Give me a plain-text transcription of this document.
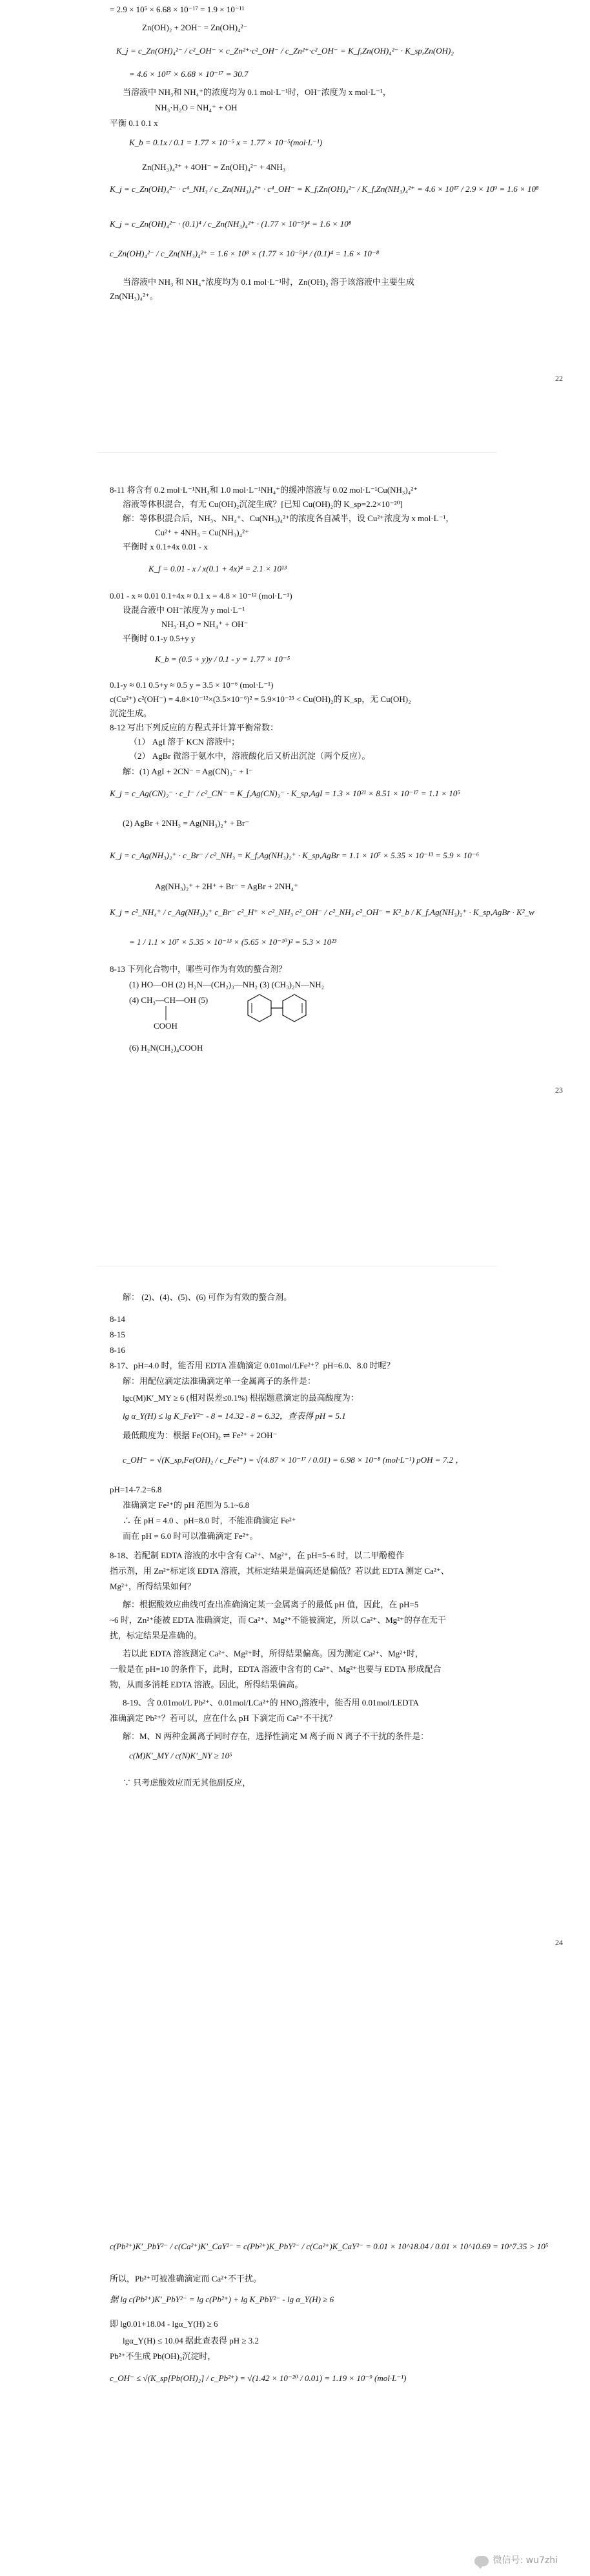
= 2.9 × 10⁵ × 6.68 × 10⁻¹⁷ = 1.9 × 10⁻¹¹
Zn(OH)₂ + 2OH⁻ = Zn(OH)₄²⁻
K_j = c_Zn(OH)₄²⁻ / c²_OH⁻ × c_Zn²⁺·c²_OH⁻ / c_Zn²⁺·c²_OH⁻ = K_f,Zn(OH)₄²⁻ · K_sp,Zn(OH)₂
= 4.6 × 10¹⁷ × 6.68 × 10⁻¹⁷ = 30.7
当溶液中 NH₃和 NH₄⁺的浓度均为 0.1 mol·L⁻¹时，OH⁻浓度为 x mol·L⁻¹，
NH₃·H₂O = NH₄⁺ + OH
平衡 0.1 0.1 x
K_b = 0.1x / 0.1 = 1.77 × 10⁻⁵ x = 1.77 × 10⁻⁵(mol·L⁻¹)
Zn(NH₃)₄²⁺ + 4OH⁻ = Zn(OH)₄²⁻ + 4NH₃
K_j = c_Zn(OH)₄²⁻ · c⁴_NH₃ / c_Zn(NH₃)₄²⁺ · c⁴_OH⁻ = K_f,Zn(OH)₄²⁻ / K_f,Zn(NH₃)₄²⁺ = 4.6 × 10¹⁷ / 2.9 × 10⁹ = 1.6 × 10⁸
K_j = c_Zn(OH)₄²⁻ · (0.1)⁴ / c_Zn(NH₃)₄²⁺ · (1.77 × 10⁻⁵)⁴ = 1.6 × 10⁸
c_Zn(OH)₄²⁻ / c_Zn(NH₃)₄²⁺ = 1.6 × 10⁸ × (1.77 × 10⁻⁵)⁴ / (0.1)⁴ = 1.6 × 10⁻⁸
当溶液中 NH₃ 和 NH₄⁺浓度均为 0.1 mol·L⁻¹时，Zn(OH)₂ 溶于该溶液中主要生成
Zn(NH₃)₄²⁺。
22
8-11 将含有 0.2 mol·L⁻¹NH₃和 1.0 mol·L⁻¹NH₄⁺的缓冲溶液与 0.02 mol·L⁻¹Cu(NH₃)₄²⁺
溶液等体积混合，有无 Cu(OH)₂沉淀生成？[已知 Cu(OH)₂的 K_sp=2.2×10⁻²⁰]
解：等体积混合后，NH₃、NH₄⁺、Cu(NH₃)₄²⁺的浓度各自减半，设 Cu²⁺浓度为 x mol·L⁻¹，
Cu²⁺ + 4NH₃ = Cu(NH₃)₄²⁺
平衡时 x 0.1+4x 0.01 - x
K_f = 0.01 - x / x(0.1 + 4x)⁴ = 2.1 × 10¹³
0.01 - x ≈ 0.01 0.1+4x ≈ 0.1 x = 4.8 × 10⁻¹² (mol·L⁻¹)
设混合液中 OH⁻浓度为 y mol·L⁻¹
NH₃·H₂O = NH₄⁺ + OH⁻
平衡时 0.1-y 0.5+y y
K_b = (0.5 + y)y / 0.1 - y = 1.77 × 10⁻⁵
0.1-y ≈ 0.1 0.5+y ≈ 0.5 y = 3.5 × 10⁻⁶ (mol·L⁻¹)
c(Cu²⁺) c²(OH⁻) = 4.8×10⁻¹²×(3.5×10⁻⁶)² = 5.9×10⁻²³ < Cu(OH)₂的 K_sp，无 Cu(OH)₂
沉淀生成。
8-12 写出下列反应的方程式并计算平衡常数：
（1） AgI 溶于 KCN 溶液中；
（2） AgBr 微溶于氨水中，溶液酸化后又析出沉淀（两个反应）。
解：(1) AgI + 2CN⁻ = Ag(CN)₂⁻ + I⁻
K_j = c_Ag(CN)₂⁻ · c_I⁻ / c²_CN⁻ = K_f,Ag(CN)₂⁻ · K_sp,AgI = 1.3 × 10²¹ × 8.51 × 10⁻¹⁷ = 1.1 × 10⁵
(2) AgBr + 2NH₃ = Ag(NH₃)₂⁺ + Br⁻
K_j = c_Ag(NH₃)₂⁺ · c_Br⁻ / c²_NH₃ = K_f,Ag(NH₃)₂⁺ · K_sp,AgBr = 1.1 × 10⁷ × 5.35 × 10⁻¹³ = 5.9 × 10⁻⁶
Ag(NH₃)₂⁺ + 2H⁺ + Br⁻ = AgBr + 2NH₄⁺
K_j = c²_NH₄⁺ / c_Ag(NH₃)₂⁺ c_Br⁻ c²_H⁺ × c²_NH₃ c²_OH⁻ / c²_NH₃ c²_OH⁻ = K²_b / K_f,Ag(NH₃)₂⁺ · K_sp,AgBr · K²_w
= 1 / 1.1 × 10⁷ × 5.35 × 10⁻¹³ × (5.65 × 10⁻¹⁰)² = 5.3 × 10²³
8-13 下列化合物中，哪些可作为有效的螯合剂？
(1) HO—OH (2) H₂N—(CH₂)₃—NH₂ (3) (CH₃)₂N—NH₂
(4) CH₃—CH—OH (5)
COOH
(6) H₂N(CH₂)₄COOH
23
解： (2)、(4)、(5)、(6) 可作为有效的螯合剂。
8-14
8-15
8-16
8-17、pH=4.0 时，能否用 EDTA 准确滴定 0.01mol/LFe²⁺？pH=6.0、8.0 时呢？
解：用配位滴定法准确滴定单一金属离子的条件是：
lgc(M)K′_MY ≥ 6 (相对误差≤0.1%) 根据题意滴定的最高酸度为：
lg α_Y(H) ≤ lg K_FeY²⁻ - 8 = 14.32 - 8 = 6.32，查表得 pH = 5.1
最低酸度为：根据 Fe(OH)₂ ⇌ Fe²⁺ + 2OH⁻
c_OH⁻ = √(K_sp,Fe(OH)₂ / c_Fe²⁺) = √(4.87 × 10⁻¹⁷ / 0.01) = 6.98 × 10⁻⁸ (mol·L⁻¹) pOH = 7.2 ，
pH=14-7.2=6.8
准确滴定 Fe²⁺的 pH 范围为 5.1~6.8
∴ 在 pH = 4.0 、pH=8.0 时，不能准确滴定 Fe²⁺
而在 pH = 6.0 时可以准确滴定 Fe²⁺。
8-18、若配制 EDTA 溶液的水中含有 Ca²⁺、Mg²⁺，在 pH=5~6 时，以二甲酚橙作
指示剂，用 Zn²⁺标定该 EDTA 溶液，其标定结果是偏高还是偏低？若以此 EDTA 测定 Ca²⁺、
Mg²⁺，所得结果如何？
解：根据酸效应曲线可查出准确滴定某一金属离子的最低 pH 值，因此，在 pH=5
~6 时，Zn²⁺能被 EDTA 准确滴定，而 Ca²⁺、Mg²⁺不能被滴定，所以 Ca²⁺、Mg²⁺的存在无干
扰，标定结果是准确的。
若以此 EDTA 溶液测定 Ca²⁺、Mg²⁺时，所得结果偏高。因为测定 Ca²⁺、Mg²⁺时，
一般是在 pH=10 的条件下，此时，EDTA 溶液中含有的 Ca²⁺、Mg²⁺也要与 EDTA 形成配合
物，从而多消耗 EDTA 溶液。因此，所得结果偏高。
8-19、含 0.01mol/L Pb²⁺、0.01mol/LCa²⁺的 HNO₃溶液中，能否用 0.01mol/LEDTA
准确滴定 Pb²⁺？若可以，应在什么 pH 下滴定而 Ca²⁺不干扰？
解：M、N 两种金属离子同时存在，选择性滴定 M 离子而 N 离子不干扰的条件是：
c(M)K′_MY / c(N)K′_NY ≥ 10⁵
∵ 只考虑酸效应而无其他副反应，
24
c(Pb²⁺)K′_PbY²⁻ / c(Ca²⁺)K′_CaY²⁻ = c(Pb²⁺)K_PbY²⁻ / c(Ca²⁺)K_CaY²⁻ = 0.01 × 10^18.04 / 0.01 × 10^10.69 = 10^7.35 > 10⁵
所以，Pb²⁺可被准确滴定而 Ca²⁺不干扰。
据 lg c(Pb²⁺)K′_PbY²⁻ = lg c(Pb²⁺) + lg K_PbY²⁻ - lg α_Y(H) ≥ 6
即 lg0.01+18.04 - lgα_Y(H) ≥ 6
lgα_Y(H) ≤ 10.04 据此查表得 pH ≥ 3.2
Pb²⁺不生成 Pb(OH)₂沉淀时，
c_OH⁻ ≤ √(K_sp[Pb(OH)₂] / c_Pb²⁺) = √(1.42 × 10⁻²⁰ / 0.01) = 1.19 × 10⁻⁹ (mol·L⁻¹)
微信号: wu7zhi
